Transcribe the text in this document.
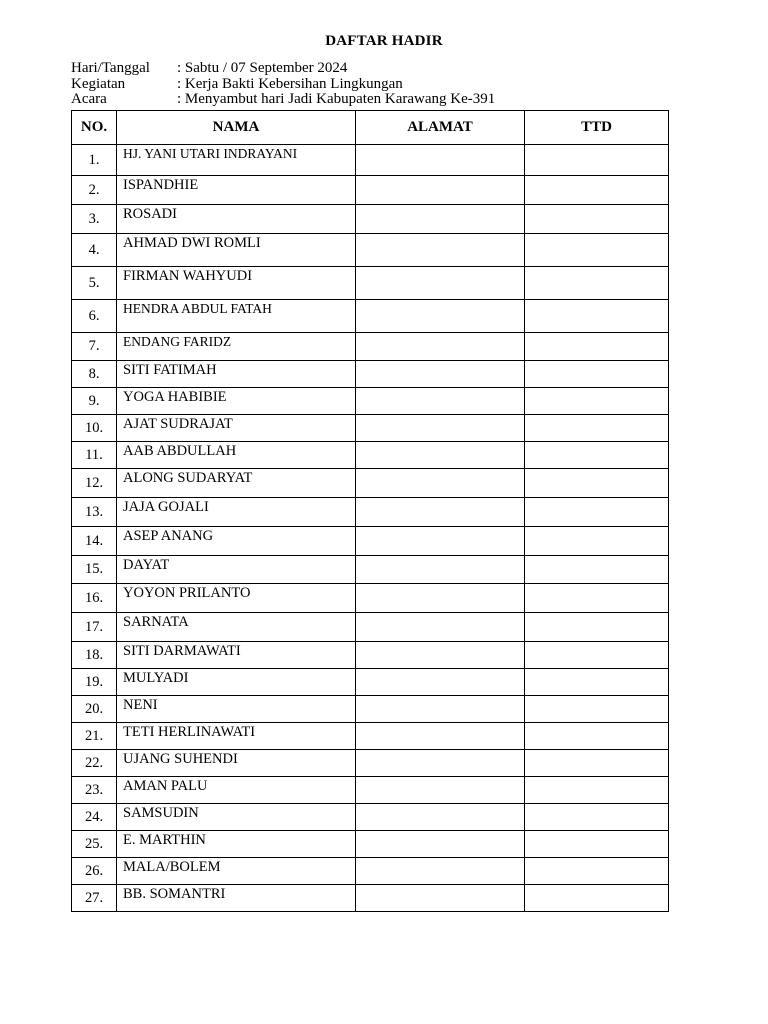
DAFTAR HADIR
Hari/Tanggal	: Sabtu / 07 September 2024
Kegiatan	: Kerja Bakti Kebersihan Lingkungan
Acara	: Menyambut hari Jadi Kabupaten Karawang Ke-391
NO.	NAMA	ALAMAT	TTD
1.	HJ. YANI UTARI INDRAYANI		
2.	ISPANDHIE		
3.	ROSADI		
4.	AHMAD DWI ROMLI		
5.	FIRMAN WAHYUDI		
6.	HENDRA ABDUL FATAH		
7.	ENDANG FARIDZ		
8.	SITI FATIMAH		
9.	YOGA HABIBIE		
10.	AJAT SUDRAJAT		
11.	AAB ABDULLAH		
12.	ALONG SUDARYAT		
13.	JAJA GOJALI		
14.	ASEP ANANG		
15.	DAYAT		
16.	YOYON PRILANTO		
17.	SARNATA		
18.	SITI DARMAWATI		
19.	MULYADI		
20.	NENI		
21.	TETI HERLINAWATI		
22.	UJANG SUHENDI		
23.	AMAN PALU		
24.	SAMSUDIN		
25.	E. MARTHIN		
26.	MALA/BOLEM		
27.	BB. SOMANTRI		
